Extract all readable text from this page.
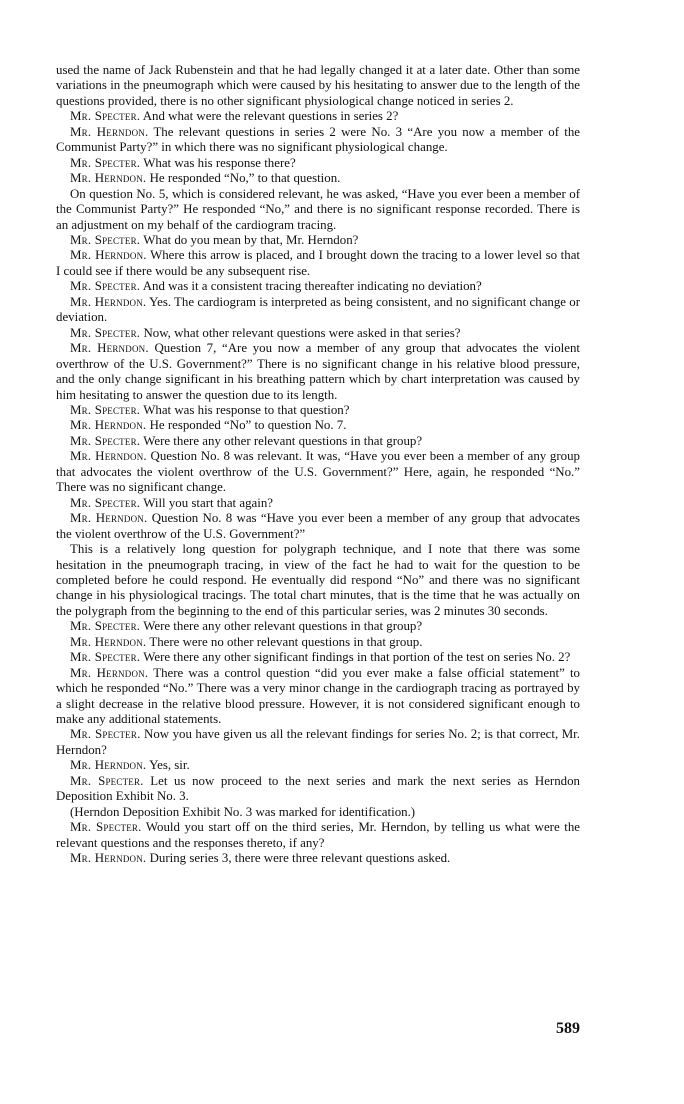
used the name of Jack Rubenstein and that he had legally changed it at a later date. Other than some variations in the pneumograph which were caused by his hesitating to answer due to the length of the questions provided, there is no other significant physiological change noticed in series 2.

Mr. Specter. And what were the relevant questions in series 2?

Mr. Herndon. The relevant questions in series 2 were No. 3 “Are you now a member of the Communist Party?” in which there was no significant physiological change.

Mr. Specter. What was his response there?

Mr. Herndon. He responded “No,” to that question.

On question No. 5, which is considered relevant, he was asked, “Have you ever been a member of the Communist Party?” He responded “No,” and there is no significant response recorded. There is an adjustment on my behalf of the cardiogram tracing.

Mr. Specter. What do you mean by that, Mr. Herndon?

Mr. Herndon. Where this arrow is placed, and I brought down the tracing to a lower level so that I could see if there would be any subsequent rise.

Mr. Specter. And was it a consistent tracing thereafter indicating no deviation?

Mr. Herndon. Yes. The cardiogram is interpreted as being consistent, and no significant change or deviation.

Mr. Specter. Now, what other relevant questions were asked in that series?

Mr. Herndon. Question 7, “Are you now a member of any group that advocates the violent overthrow of the U.S. Government?” There is no significant change in his relative blood pressure, and the only change significant in his breathing pattern which by chart interpretation was caused by him hesitating to answer the question due to its length.

Mr. Specter. What was his response to that question?

Mr. Herndon. He responded “No” to question No. 7.

Mr. Specter. Were there any other relevant questions in that group?

Mr. Herndon. Question No. 8 was relevant. It was, “Have you ever been a member of any group that advocates the violent overthrow of the U.S. Government?” Here, again, he responded “No.” There was no significant change.

Mr. Specter. Will you start that again?

Mr. Herndon. Question No. 8 was “Have you ever been a member of any group that advocates the violent overthrow of the U.S. Government?”

This is a relatively long question for polygraph technique, and I note that there was some hesitation in the pneumograph tracing, in view of the fact he had to wait for the question to be completed before he could respond. He eventually did respond “No” and there was no significant change in his physiological tracings. The total chart minutes, that is the time that he was actually on the polygraph from the beginning to the end of this particular series, was 2 minutes 30 seconds.

Mr. Specter. Were there any other relevant questions in that group?

Mr. Herndon. There were no other relevant questions in that group.

Mr. Specter. Were there any other significant findings in that portion of the test on series No. 2?

Mr. Herndon. There was a control question “did you ever make a false official statement” to which he responded “No.” There was a very minor change in the cardiograph tracing as portrayed by a slight decrease in the relative blood pressure. However, it is not considered significant enough to make any additional statements.

Mr. Specter. Now you have given us all the relevant findings for series No. 2; is that correct, Mr. Herndon?

Mr. Herndon. Yes, sir.

Mr. Specter. Let us now proceed to the next series and mark the next series as Herndon Deposition Exhibit No. 3.

(Herndon Deposition Exhibit No. 3 was marked for identification.)

Mr. Specter. Would you start off on the third series, Mr. Herndon, by telling us what were the relevant questions and the responses thereto, if any?

Mr. Herndon. During series 3, there were three relevant questions asked.

589
